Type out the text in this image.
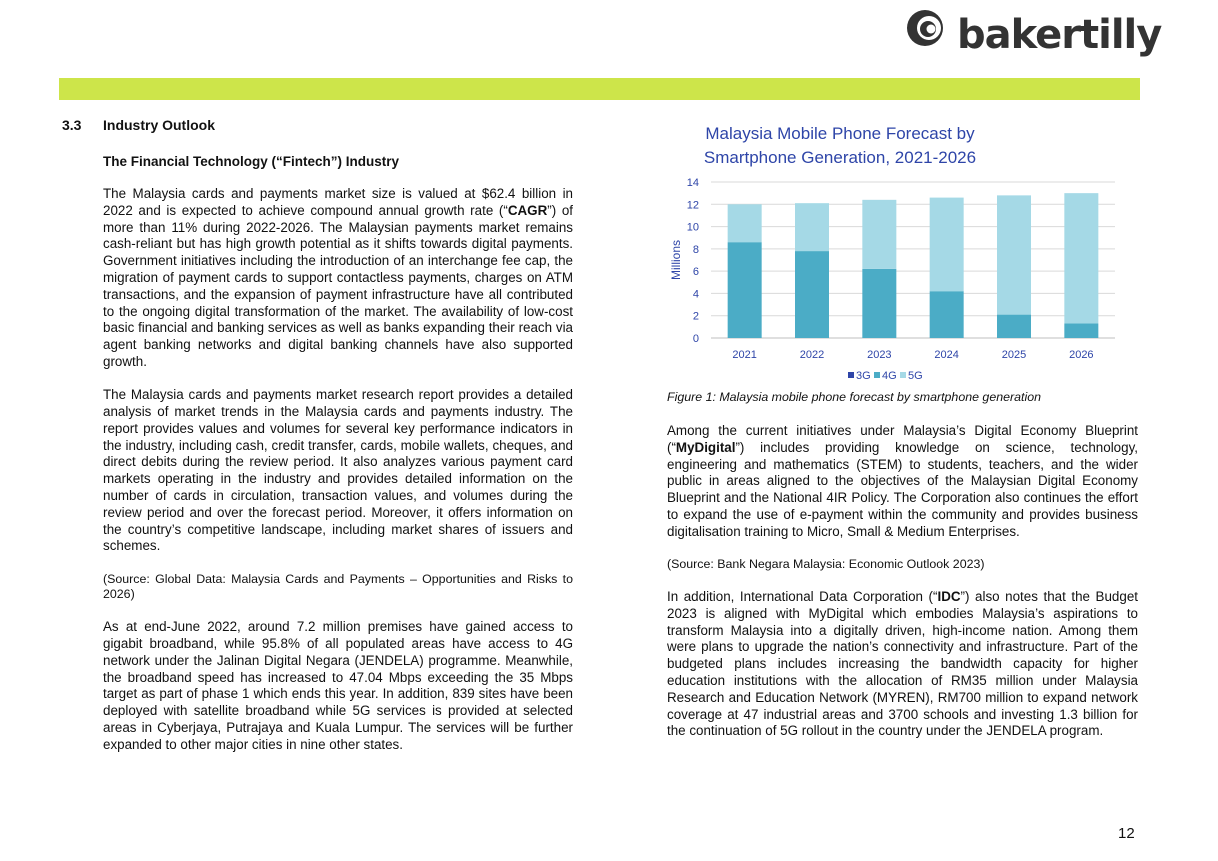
bakertilly
3.3 Industry Outlook
The Financial Technology (“Fintech”) Industry

The Malaysia cards and payments market size is valued at $62.4 billion in 2022 and is expected to achieve compound annual growth rate (“CAGR”) of more than 11% during 2022-2026. The Malaysian payments market remains cash-reliant but has high growth potential as it shifts towards digital payments. Government initiatives including the introduction of an interchange fee cap, the migration of payment cards to support contactless payments, charges on ATM transactions, and the expansion of payment infrastructure have all contributed to the ongoing digital transformation of the market. The availability of low-cost basic financial and banking services as well as banks expanding their reach via agent banking networks and digital banking channels have also supported growth.

The Malaysia cards and payments market research report provides a detailed analysis of market trends in the Malaysia cards and payments industry. The report provides values and volumes for several key performance indicators in the industry, including cash, credit transfer, cards, mobile wallets, cheques, and direct debits during the review period. It also analyzes various payment card markets operating in the industry and provides detailed information on the number of cards in circulation, transaction values, and volumes during the review period and over the forecast period. Moreover, it offers information on the country’s competitive landscape, including market shares of issuers and schemes.

(Source: Global Data: Malaysia Cards and Payments – Opportunities and Risks to 2026)

As at end-June 2022, around 7.2 million premises have gained access to gigabit broadband, while 95.8% of all populated areas have access to 4G network under the Jalinan Digital Negara (JENDELA) programme. Meanwhile, the broadband speed has increased to 47.04 Mbps exceeding the 35 Mbps target as part of phase 1 which ends this year. In addition, 839 sites have been deployed with satellite broadband while 5G services is provided at selected areas in Cyberjaya, Putrajaya and Kuala Lumpur. The services will be further expanded to other major cities in nine other states.

Malaysia Mobile Phone Forecast by
Smartphone Generation, 2021-2026
0
2
4
6
8
10
12
14
Millions
2021	2022	2023	2024	2025	2026
3G 4G 5G
Figure 1: Malaysia mobile phone forecast by smartphone generation

Among the current initiatives under Malaysia’s Digital Economy Blueprint (“MyDigital”) includes providing knowledge on science, technology, engineering and mathematics (STEM) to students, teachers, and the wider public in areas aligned to the objectives of the Malaysian Digital Economy Blueprint and the National 4IR Policy. The Corporation also continues the effort to expand the use of e-payment within the community and provides business digitalisation training to Micro, Small & Medium Enterprises.

(Source: Bank Negara Malaysia: Economic Outlook 2023)

In addition, International Data Corporation (“IDC”) also notes that the Budget 2023 is aligned with MyDigital which embodies Malaysia’s aspirations to transform Malaysia into a digitally driven, high-income nation. Among them were plans to upgrade the nation’s connectivity and infrastructure. Part of the budgeted plans includes increasing the bandwidth capacity for higher education institutions with the allocation of RM35 million under Malaysia Research and Education Network (MYREN), RM700 million to expand network coverage at 47 industrial areas and 3700 schools and investing 1.3 billion for the continuation of 5G rollout in the country under the JENDELA program.

12
